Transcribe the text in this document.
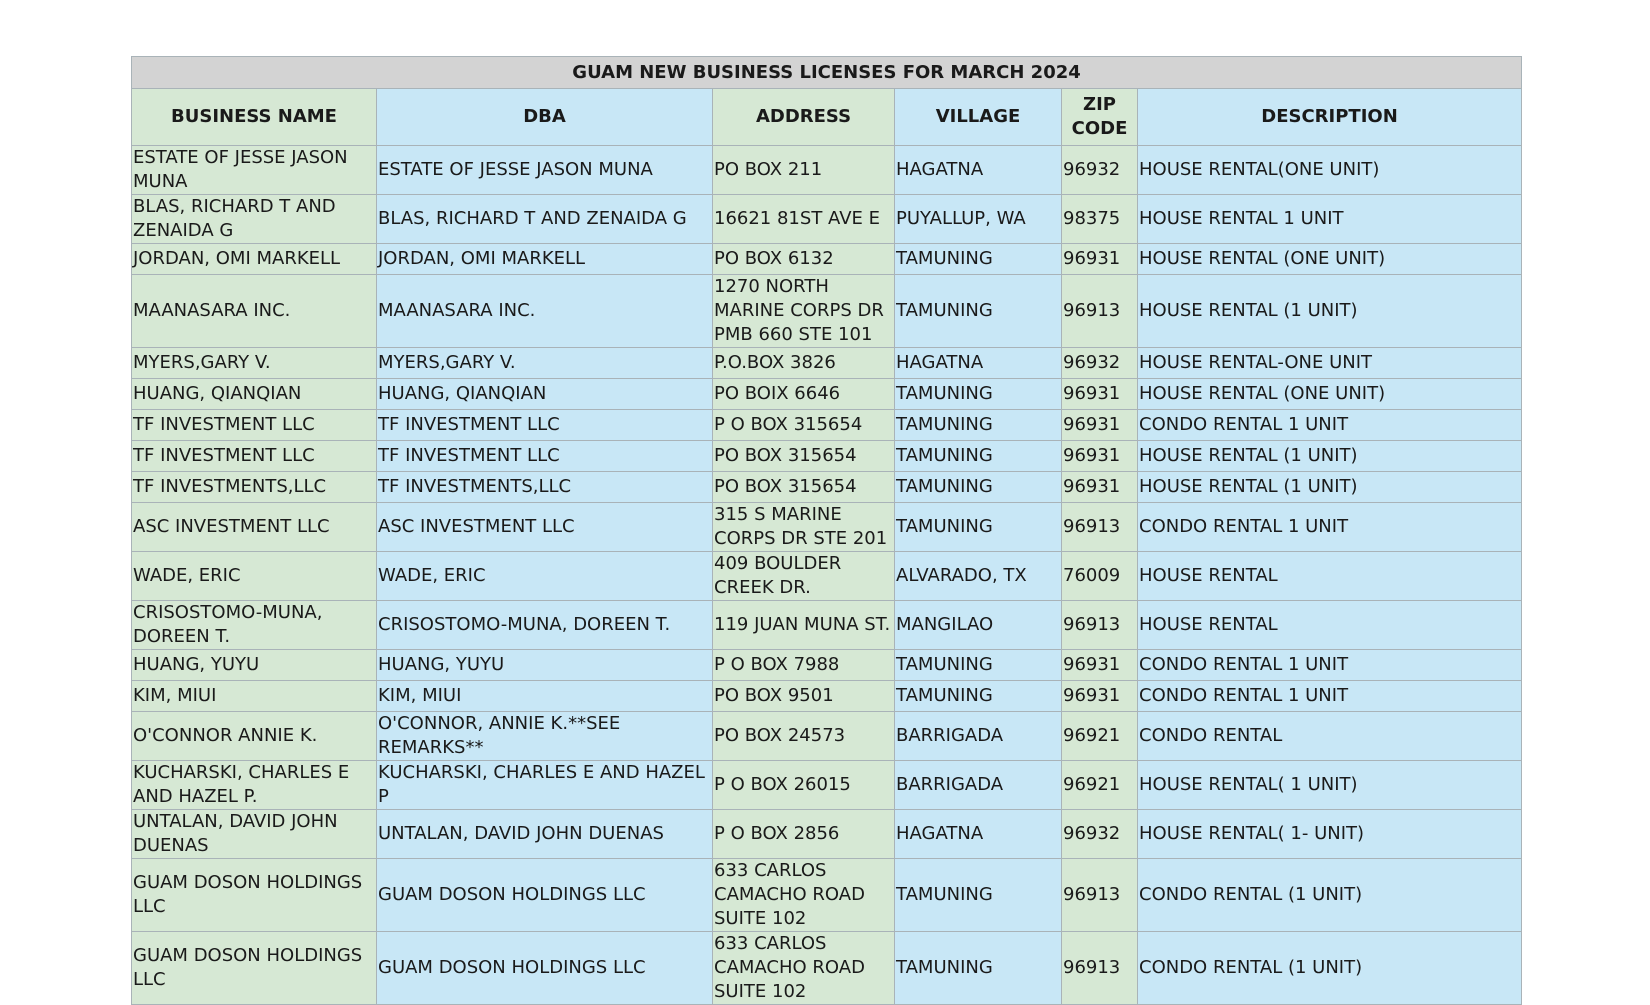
GUAM NEW BUSINESS LICENSES FOR MARCH 2024					
BUSINESS NAME	DBA	ADDRESS	VILLAGE	ZIP CODE	DESCRIPTION
ESTATE OF JESSE JASON MUNA	ESTATE OF JESSE JASON MUNA	PO BOX 211	HAGATNA	96932	HOUSE RENTAL(ONE UNIT)
BLAS, RICHARD T AND ZENAIDA G	BLAS, RICHARD T AND ZENAIDA G	16621 81ST AVE E	PUYALLUP, WA	98375	HOUSE RENTAL 1 UNIT
JORDAN, OMI MARKELL	JORDAN, OMI MARKELL	PO BOX 6132	TAMUNING	96931	HOUSE RENTAL (ONE UNIT)
MAANASARA INC.	MAANASARA INC.	1270 NORTH MARINE CORPS DR PMB 660 STE 101	TAMUNING	96913	HOUSE RENTAL (1 UNIT)
MYERS,GARY V.	MYERS,GARY V.	P.O.BOX 3826	HAGATNA	96932	HOUSE RENTAL-ONE UNIT
HUANG, QIANQIAN	HUANG, QIANQIAN	PO BOIX 6646	TAMUNING	96931	HOUSE RENTAL (ONE UNIT)
TF INVESTMENT LLC	TF INVESTMENT LLC	P O BOX 315654	TAMUNING	96931	CONDO RENTAL 1 UNIT
TF INVESTMENT LLC	TF INVESTMENT LLC	PO BOX 315654	TAMUNING	96931	HOUSE RENTAL (1 UNIT)
TF INVESTMENTS,LLC	TF INVESTMENTS,LLC	PO BOX 315654	TAMUNING	96931	HOUSE RENTAL (1 UNIT)
ASC INVESTMENT LLC	ASC INVESTMENT LLC	315 S MARINE CORPS DR STE 201	TAMUNING	96913	CONDO RENTAL 1 UNIT
WADE, ERIC	WADE, ERIC	409 BOULDER CREEK DR.	ALVARADO, TX	76009	HOUSE RENTAL
CRISOSTOMO-MUNA, DOREEN T.	CRISOSTOMO-MUNA, DOREEN T.	119 JUAN MUNA ST.	MANGILAO	96913	HOUSE RENTAL
HUANG, YUYU	HUANG, YUYU	P O BOX 7988	TAMUNING	96931	CONDO RENTAL 1 UNIT
KIM, MIUI	KIM, MIUI	PO BOX 9501	TAMUNING	96931	CONDO RENTAL 1 UNIT
O'CONNOR ANNIE K.	O'CONNOR, ANNIE K.**SEE REMARKS**	PO BOX 24573	BARRIGADA	96921	CONDO RENTAL
KUCHARSKI, CHARLES E AND HAZEL P.	KUCHARSKI, CHARLES E AND HAZEL P	P O BOX 26015	BARRIGADA	96921	HOUSE RENTAL( 1 UNIT)
UNTALAN, DAVID JOHN DUENAS	UNTALAN, DAVID JOHN DUENAS	P O BOX 2856	HAGATNA	96932	HOUSE RENTAL( 1- UNIT)
GUAM DOSON HOLDINGS LLC	GUAM DOSON HOLDINGS LLC	633 CARLOS CAMACHO ROAD SUITE 102	TAMUNING	96913	CONDO RENTAL (1 UNIT)
GUAM DOSON HOLDINGS LLC	GUAM DOSON HOLDINGS LLC	633 CARLOS CAMACHO ROAD SUITE 102	TAMUNING	96913	CONDO RENTAL (1 UNIT)
